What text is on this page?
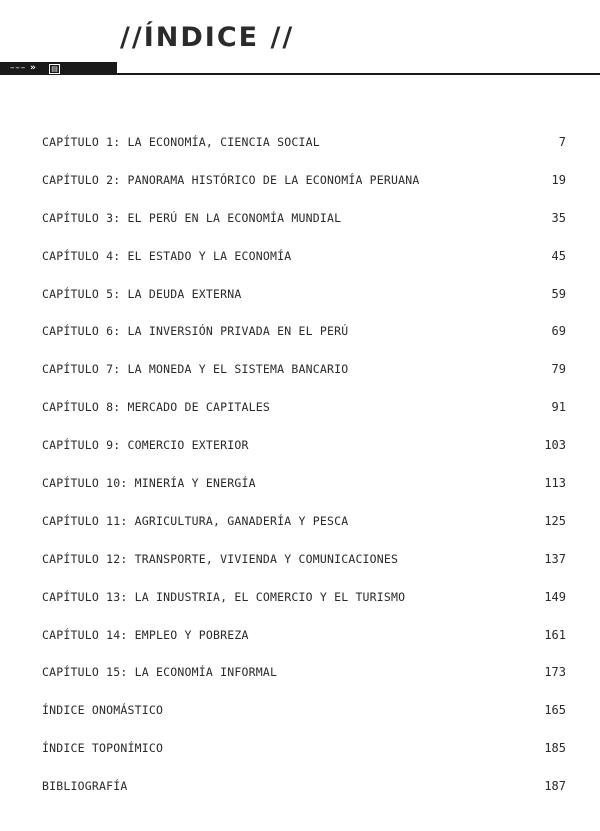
//ÍNDICE //
– – – »	▤
CAPÍTULO 1: LA ECONOMÍA, CIENCIA SOCIAL	7
CAPÍTULO 2: PANORAMA HISTÓRICO DE LA ECONOMÍA PERUANA	19
CAPÍTULO 3: EL PERÚ EN LA ECONOMÍA MUNDIAL	35
CAPÍTULO 4: EL ESTADO Y LA ECONOMÍA	45
CAPÍTULO 5: LA DEUDA EXTERNA	59
CAPÍTULO 6: LA INVERSIÓN PRIVADA EN EL PERÚ	69
CAPÍTULO 7: LA MONEDA Y EL SISTEMA BANCARIO	79
CAPÍTULO 8: MERCADO DE CAPITALES	91
CAPÍTULO 9: COMERCIO EXTERIOR	103
CAPÍTULO 10: MINERÍA Y ENERGÍA	113
CAPÍTULO 11: AGRICULTURA, GANADERÍA Y PESCA	125
CAPÍTULO 12: TRANSPORTE, VIVIENDA Y COMUNICACIONES	137
CAPÍTULO 13: LA INDUSTRIA, EL COMERCIO Y EL TURISMO	149
CAPÍTULO 14: EMPLEO Y POBREZA	161
CAPÍTULO 15: LA ECONOMÍA INFORMAL	173
ÍNDICE ONOMÁSTICO	165
ÍNDICE TOPONÍMICO	185
BIBLIOGRAFÍA	187
